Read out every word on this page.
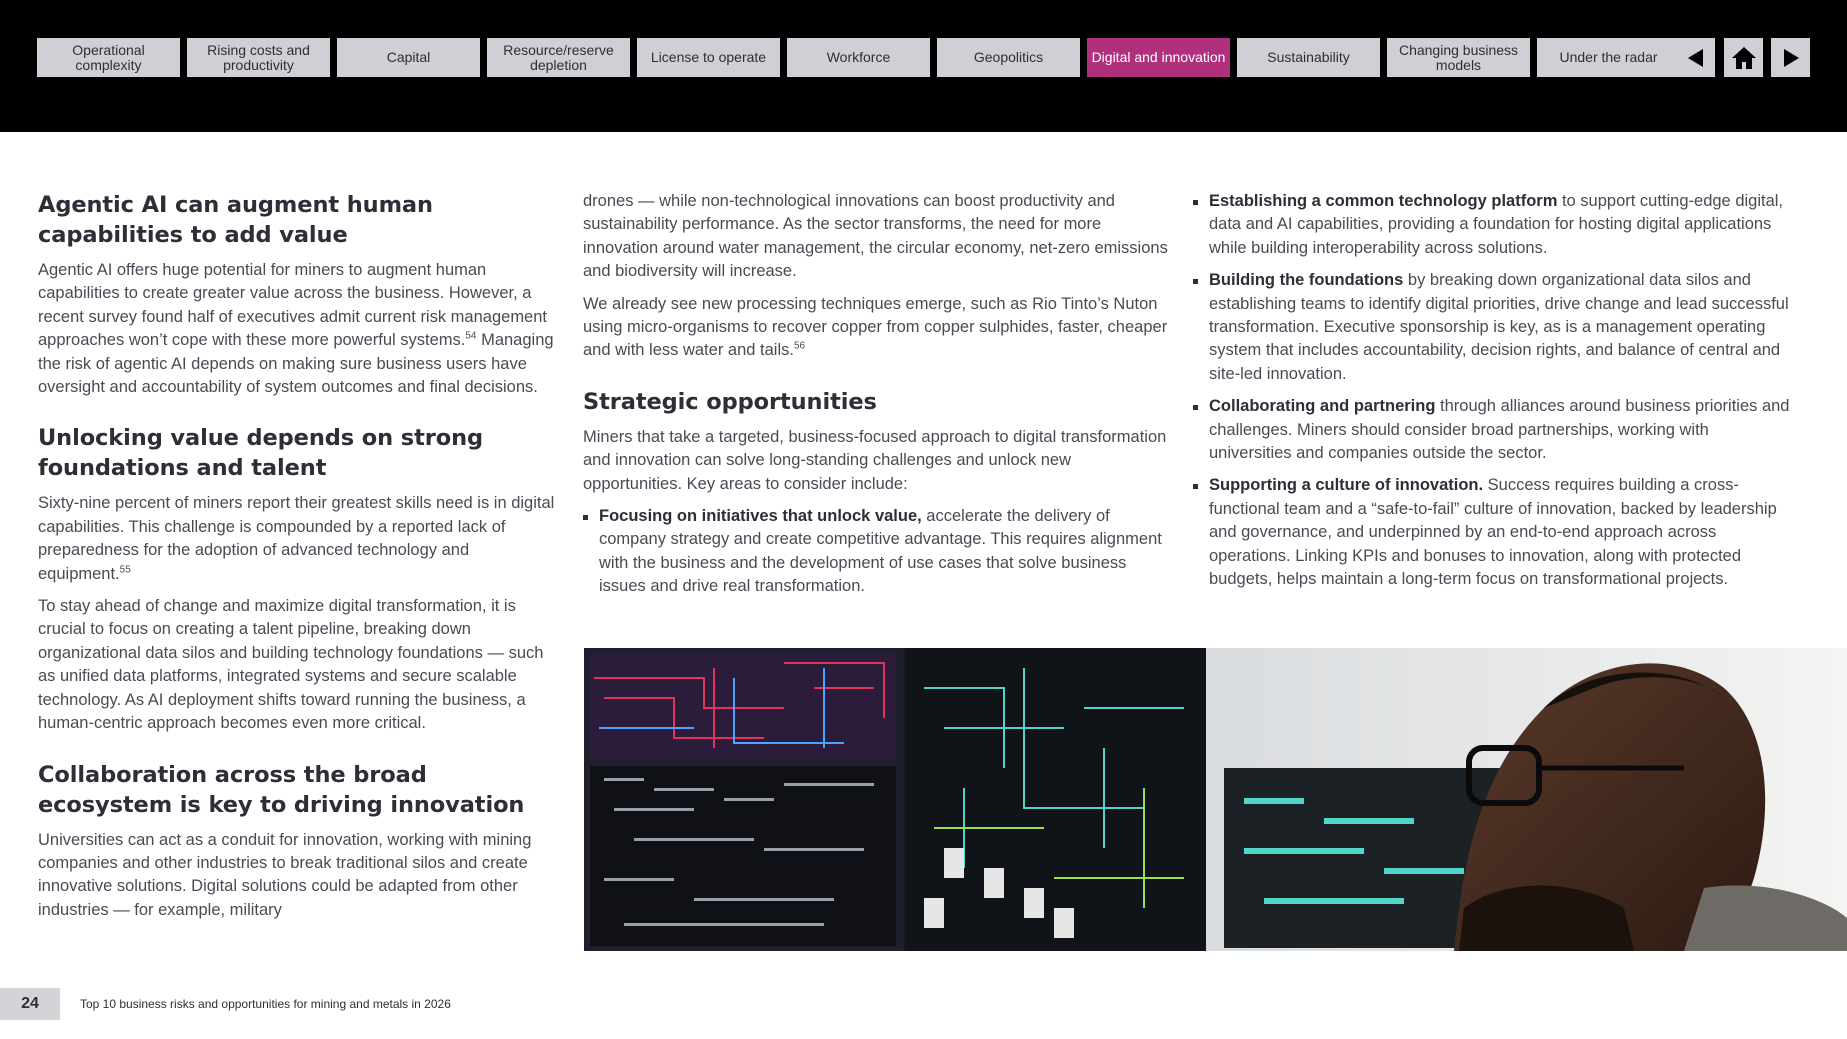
Operational complexity
Rising costs and productivity	Capital	Resource/reserve depletion	License to operate	Workforce	Geopolitics	Digital and innovation	Sustainability	Changing business models	Under the radar
Agentic AI can augment human capabilities to add value

Agentic AI offers huge potential for miners to augment human capabilities to create greater value across the business. However, a recent survey found half of executives admit current risk management approaches won’t cope with these more powerful systems.$^{54}$ Managing the risk of agentic AI depends on making sure business users have oversight and accountability of system outcomes and final decisions.

Unlocking value depends on strong foundations and talent

Sixty-nine percent of miners report their greatest skills need is in digital capabilities. This challenge is compounded by a reported lack of preparedness for the adoption of advanced technology and equipment.$^{55}$

To stay ahead of change and maximize digital transformation, it is crucial to focus on creating a talent pipeline, breaking down organizational data silos and building technology foundations — such as unified data platforms, integrated systems and secure scalable technology. As AI deployment shifts toward running the business, a human-centric approach becomes even more critical.

Collaboration across the broad ecosystem is key to driving innovation

Universities can act as a conduit for innovation, working with mining companies and other industries to break traditional silos and create innovative solutions. Digital solutions could be adapted from other industries — for example, military

drones — while non-technological innovations can boost productivity and sustainability performance. As the sector transforms, the need for more innovation around water management, the circular economy, net-zero emissions and biodiversity will increase.

We already see new processing techniques emerge, such as Rio Tinto’s Nuton using micro-organisms to recover copper from copper sulphides, faster, cheaper and with less water and tails.$^{56}$

Strategic opportunities

Miners that take a targeted, business-focused approach to digital transformation and innovation can solve long-standing challenges and unlock new opportunities. Key areas to consider include:

Focusing on initiatives that unlock value, accelerate the delivery of company strategy and create competitive advantage. This requires alignment with the business and the development of use cases that solve business issues and drive real transformation.
Establishing a common technology platform to support cutting-edge digital, data and AI capabilities, providing a foundation for hosting digital applications while building interoperability across solutions.
Building the foundations by breaking down organizational data silos and establishing teams to identify digital priorities, drive change and lead successful transformation. Executive sponsorship is key, as is a management operating system that includes accountability, decision rights, and balance of central and site-led innovation.
Collaborating and partnering through alliances around business priorities and challenges. Miners should consider broad partnerships, working with universities and companies outside the sector.
Supporting a culture of innovation. Success requires building a cross-functional team and a “safe-to-fail” culture of innovation, backed by leadership and governance, and underpinned by an end-to-end approach across operations. Linking KPIs and bonuses to innovation, along with protected budgets, helps maintain a long-term focus on transformational projects.
24	Top 10 business risks and opportunities for mining and metals in 2026
